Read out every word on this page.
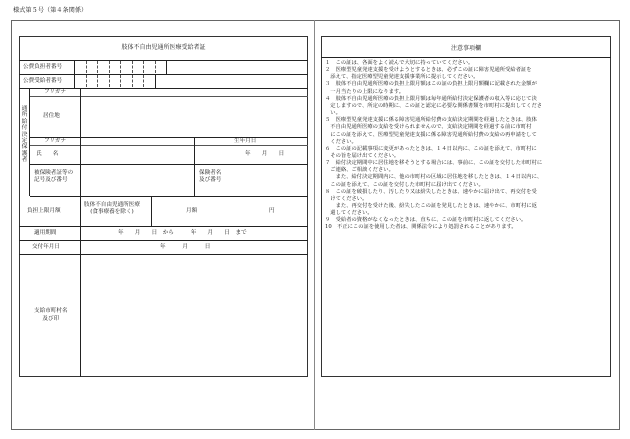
様式第５号（第４条関係）
肢体不自由児通所医療受給者証
公費負担者番号
公費受給者番号
通所給付決定保護者
フリガナ
居住地
フリガナ	生年月日
氏　　名	年　　月　　日
被保険者証等の
記号及び番号
保険者名
及び番号
負担上限月額
肢体不自由児通所医療
(食事療養を除く)	月額	円
適用期間	年　　月　　日　から　　　年　　月　　日　まで
交付年月日	年　　　月　　　日
支給市町村名
及び印
注意事項欄
１　この証は、各面をよく読んで大切に持っていてください。
２　医療型児童発達支援を受けようとするときは、必ずこの証に障害児通所受給者証を
　添えて、指定医療型児童発達支援事業所に提示してください。
３　肢体不自由児通所医療の負担上限月額はこの証の負担上限月額欄に記載された金額が
　一月当たりの上限になります。
４　肢体不自由児通所医療の負担上限月額は毎年通所給付決定保護者の収入等に応じて決
　定しますので、所定の時期に、この証と認定に必要な関係書類を市町村に提出してくださ
　い。
５　医療型児童発達支援に係る障害児通所給付費の支給決定期間を経過したときは、肢体
　不自由児通所医療の支給を受けられませんので、支給決定期間を経過する前に市町村
　にこの証を添えて、医療型児童発達支援に係る障害児通所給付費の支給の再申請をして
　ください。
６　この証の記載事項に変更があったときは、１４日以内に、この証を添えて、市町村に
　その旨を届け出てください。
７　給付決定期間中に居住地を移そうとする場合には、事前に、この証を交付した市町村に
　ご連絡、ご相談ください。
　　また、給付決定期間内に、他の市町村の区域に居住地を移したときは、１４日以内に、
　この証を添えて、この証を交付した市町村に届け出てください。
８　この証を破損したり、汚したり又は紛失したときは、速やかに届け出て、再交付を受
　けてください。
　　また、再交付を受けた後、紛失したこの証を発見したときは、速やかに、市町村に返
　還してください。
９　受給者の資格がなくなったときは、直ちに、この証を市町村に返してください。
10　不正にこの証を使用した者は、関係法令により処罰されることがあります。
